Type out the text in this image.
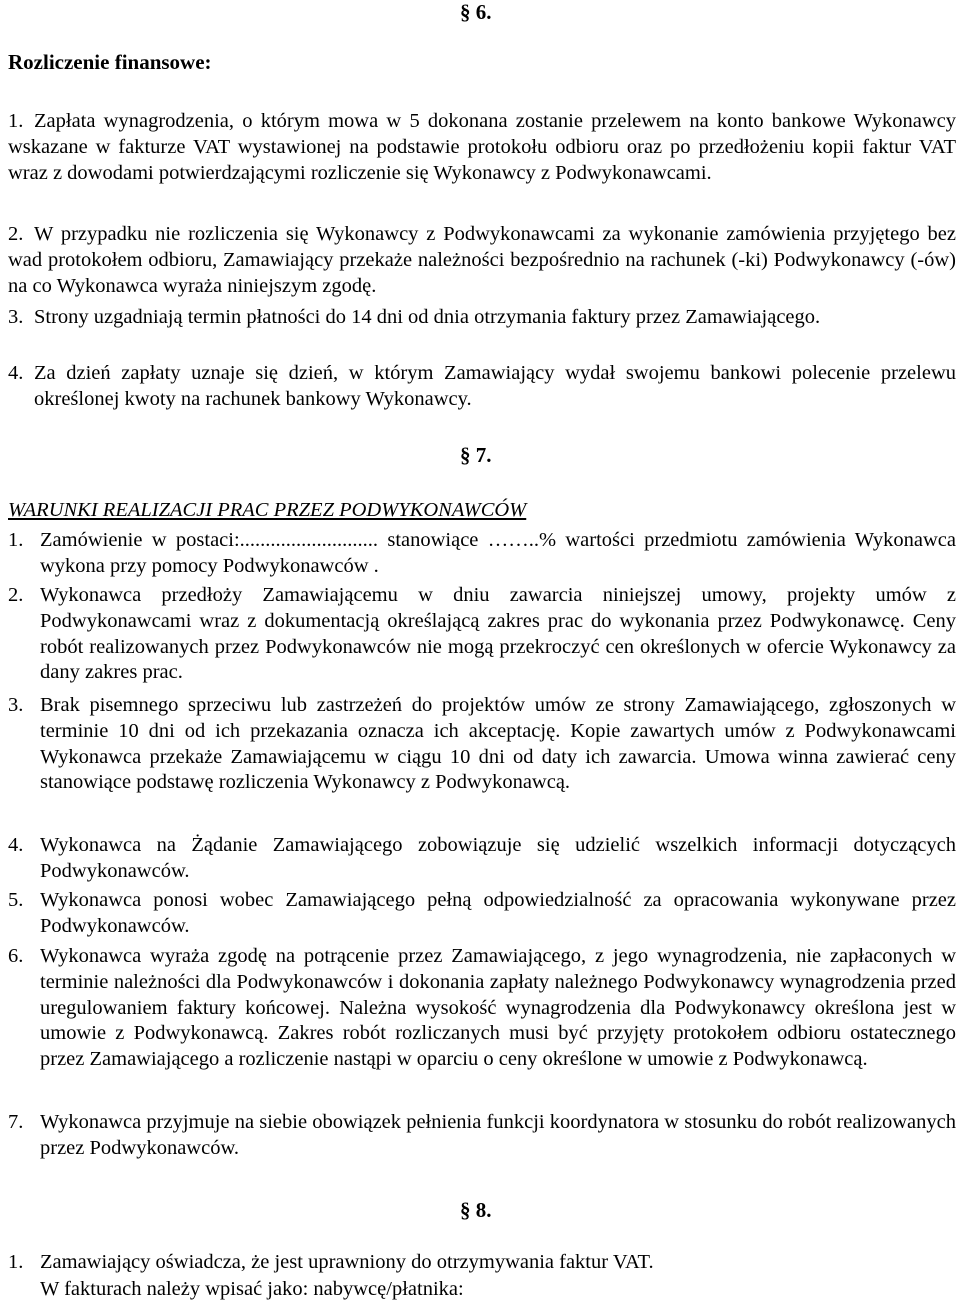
§ 6.
Rozliczenie finansowe:
1. Zapłata wynagrodzenia, o którym mowa w 5 dokonana zostanie przelewem na konto bankowe Wykonawcy wskazane w fakturze VAT wystawionej na podstawie protokołu odbioru oraz po przedłożeniu kopii faktur VAT wraz z dowodami potwierdzającymi rozliczenie się Wykonawcy z Podwykonawcami.
2. W przypadku nie rozliczenia się Wykonawcy z Podwykonawcami za wykonanie zamówienia przyjętego bez wad protokołem odbioru, Zamawiający przekaże należności bezpośrednio na rachunek (-ki) Podwykonawcy (-ów) na co Wykonawca wyraża niniejszym zgodę.
3. Strony uzgadniają termin płatności do 14 dni od dnia otrzymania faktury przez Zamawiającego.
4. Za dzień zapłaty uznaje się dzień, w którym Zamawiający wydał swojemu bankowi polecenie przelewu określonej kwoty na rachunek bankowy Wykonawcy.
§ 7.
WARUNKI REALIZACJI PRAC PRZEZ PODWYKONAWCÓW
1. Zamówienie w postaci:........................... stanowiące ……..% wartości przedmiotu zamówienia Wykonawca wykona przy pomocy Podwykonawców .
2. Wykonawca przedłoży Zamawiającemu w dniu zawarcia niniejszej umowy, projekty umów z Podwykonawcami wraz z dokumentacją określającą zakres prac do wykonania przez Podwykonawcę. Ceny robót realizowanych przez Podwykonawców nie mogą przekroczyć cen określonych w ofercie Wykonawcy za dany zakres prac.
3. Brak pisemnego sprzeciwu lub zastrzeżeń do projektów umów ze strony Zamawiającego, zgłoszonych w terminie 10 dni od ich przekazania oznacza ich akceptację. Kopie zawartych umów z Podwykonawcami Wykonawca przekaże Zamawiającemu w ciągu 10 dni od daty ich zawarcia. Umowa winna zawierać ceny stanowiące podstawę rozliczenia Wykonawcy z Podwykonawcą.
4. Wykonawca na Żądanie Zamawiającego zobowiązuje się udzielić wszelkich informacji dotyczących Podwykonawców.
5. Wykonawca ponosi wobec Zamawiającego pełną odpowiedzialność za opracowania wykonywane przez Podwykonawców.
6. Wykonawca wyraża zgodę na potrącenie przez Zamawiającego, z jego wynagrodzenia, nie zapłaconych w terminie należności dla Podwykonawców i dokonania zapłaty należnego Podwykonawcy wynagrodzenia przed uregulowaniem faktury końcowej. Należna wysokość wynagrodzenia dla Podwykonawcy określona jest w umowie z Podwykonawcą. Zakres robót rozliczanych musi być przyjęty protokołem odbioru ostatecznego przez Zamawiającego a rozliczenie nastąpi w oparciu o ceny określone w umowie z Podwykonawcą.
7. Wykonawca przyjmuje na siebie obowiązek pełnienia funkcji koordynatora w stosunku do robót realizowanych przez Podwykonawców.
§ 8.
1. Zamawiający oświadcza, że jest uprawniony do otrzymywania faktur VAT.
W fakturach należy wpisać jako: nabywcę/płatnika:
